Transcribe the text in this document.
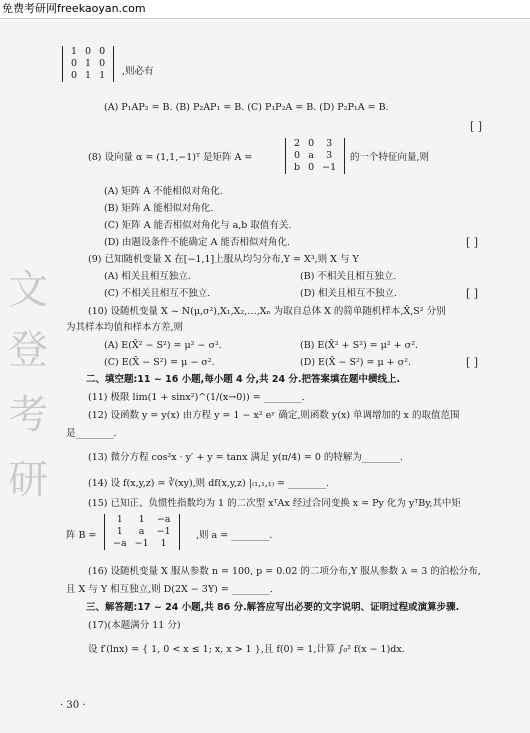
免费考研网freekaoyan.com
文
登
考
研
1	0	0
0	1	0
0	1	1 ,则必有
(A) P₁AP₂ = B. (B) P₂AP₁ = B. (C) P₁P₂A = B. (D) P₂P₁A = B.
[ ]
(8) 设向量 α = (1,1,−1)ᵀ 是矩阵 A =
2	0	3
0	a	3
b	0	−1
的一个特征向量,则
(A) 矩阵 A 不能相似对角化.
(B) 矩阵 A 能相似对角化.
(C) 矩阵 A 能否相似对角化与 a,b 取值有关.
(D) 由题设条件不能确定 A 能否相似对角化.	[ ]
(9) 已知随机变量 X 在[−1,1]上服从均匀分布,Y = X³,则 X 与 Y
(A) 相关且相互独立.	(B) 不相关且相互独立.
(C) 不相关且相互不独立.	(D) 相关且相互不独立.	[ ]
(10) 设随机变量 X ~ N(μ,σ²),X₁,X₂,…,Xₙ 为取自总体 X 的简单随机样本,X̄,S² 分别
为其样本均值和样本方差,则
(A) E(X̄² − S²) = μ² − σ².	(B) E(X̄² + S²) = μ² + σ².
(C) E(X̄ − S²) = μ − σ².	(D) E(X̄ − S²) = μ + σ².	[ ]
二、填空题:11 ~ 16 小题,每小题 4 分,共 24 分.把答案填在题中横线上.
(11) 极限 lim(1 + sinx²)^(1/(x→0)) = ________.
(12) 设函数 y = y(x) 由方程 y = 1 − x² eʸ 确定,则函数 y(x) 单调增加的 x 的取值范围
是________.
(13) 微分方程 cos²x · y′ + y = tanx 满足 y(π/4) = 0 的特解为________.
(14) 设 f(x,y,z) = ∛(xy),则 df(x,y,z) |₍₁,₁,₁₎ = ________.
(15) 已知正、负惯性指数均为 1 的二次型 xᵀAx 经过合同变换 x = Py 化为 yᵀBy,其中矩
阵 B =
1	1	−a
1	a	−1
−a	−1	1
,则 a = ________.
(16) 设随机变量 X 服从参数 n = 100, p = 0.02 的二项分布,Y 服从参数 λ = 3 的泊松分布,
且 X 与 Y 相互独立,则 D(2X − 3Y) = ________.
三、解答题:17 ~ 24 小题,共 86 分.解答应写出必要的文字说明、证明过程或演算步骤.
(17)(本题满分 11 分)
设 f′(lnx) = { 1, 0 < x ≤ 1; x, x > 1 },且 f(0) = 1,计算 ∫₀² f(x − 1)dx.
· 30 ·
